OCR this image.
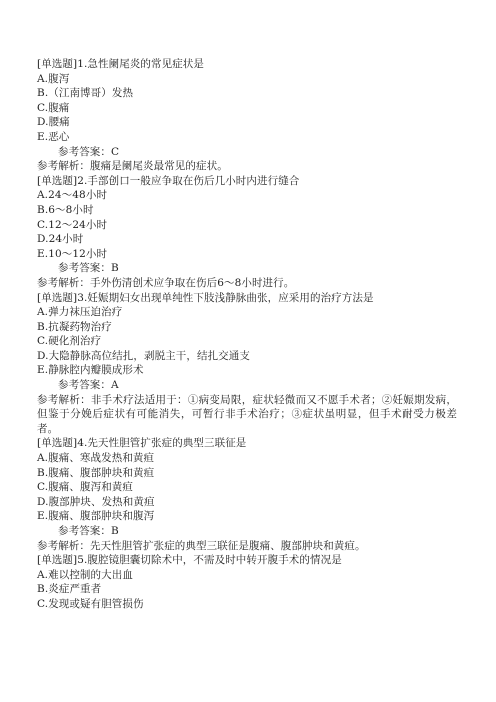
[单选题]1.急性阑尾炎的常见症状是
A.腹泻
B.（江南博哥）发热
C.腹痛
D.腰痛
E.恶心
参考答案：C
参考解析：腹痛是阑尾炎最常见的症状。
[单选题]2.手部创口一般应争取在伤后几小时内进行缝合
A.24～48小时
B.6～8小时
C.12～24小时
D.24小时
E.10～12小时
参考答案：B
参考解析：手外伤清创术应争取在伤后6～8小时进行。
[单选题]3.妊娠期妇女出现单纯性下肢浅静脉曲张，应采用的治疗方法是
A.弹力袜压迫治疗
B.抗凝药物治疗
C.硬化剂治疗
D.大隐静脉高位结扎，剥脱主干，结扎交通支
E.静脉腔内瓣膜成形术
参考答案：A
参考解析：非手术疗法适用于：①病变局限，症状轻微而又不愿手术者；②妊娠期发病，但鉴于分娩后症状有可能消失，可暂行非手术治疗；③症状虽明显，但手术耐受力极差者。
[单选题]4.先天性胆管扩张症的典型三联征是
A.腹痛、寒战发热和黄疸
B.腹痛、腹部肿块和黄疸
C.腹痛、腹泻和黄疸
D.腹部肿块、发热和黄疸
E.腹痛、腹部肿块和腹泻
参考答案：B
参考解析：先天性胆管扩张症的典型三联征是腹痛、腹部肿块和黄疸。
[单选题]5.腹腔镜胆囊切除术中，不需及时中转开腹手术的情况是
A.难以控制的大出血
B.炎症严重者
C.发现或疑有胆管损伤
